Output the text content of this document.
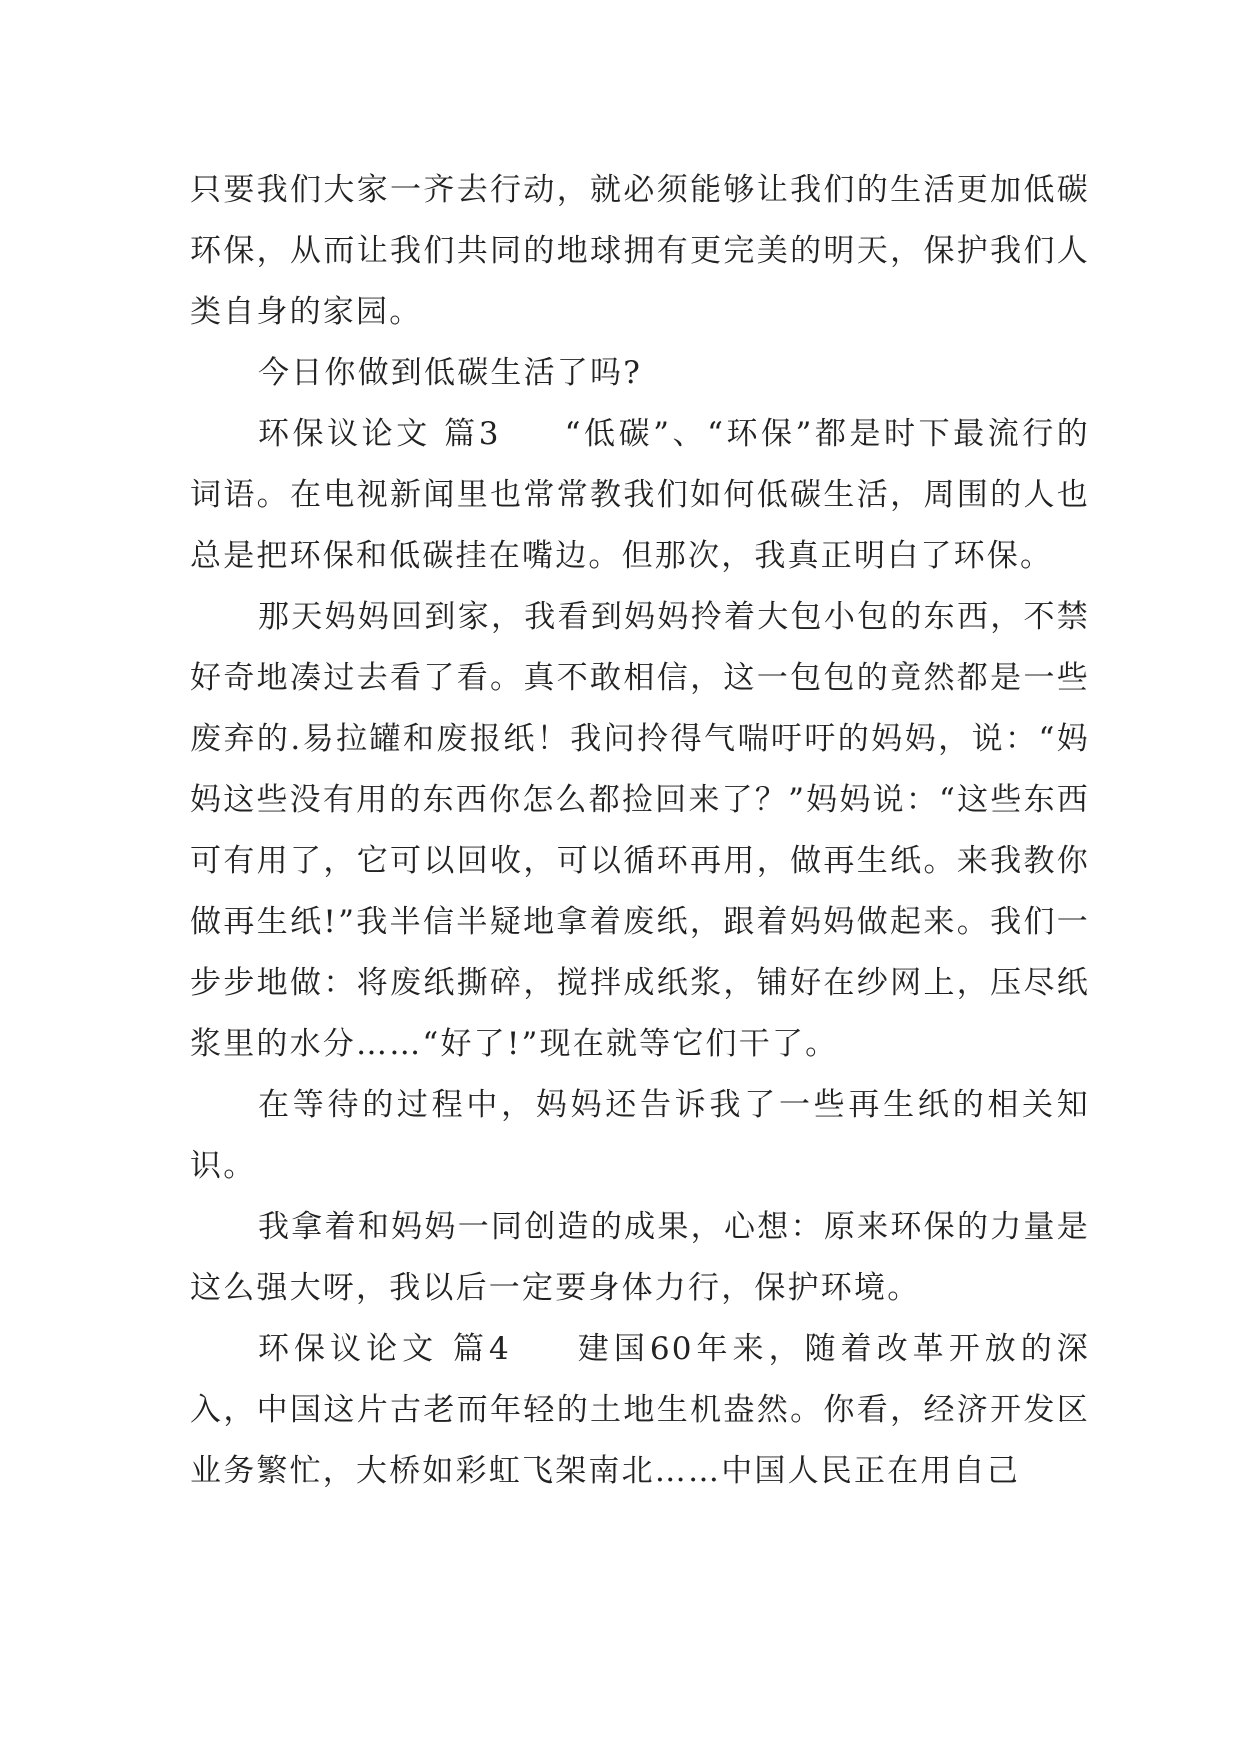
只要我们大家一齐去行动，就必须能够让我们的生活更加低碳环保，从而让我们共同的地球拥有更完美的明天，保护我们人类自身的家园。

今日你做到低碳生活了吗?

环保议论文 篇3 “低碳”、“环保”都是时下最流行的词语。在电视新闻里也常常教我们如何低碳生活，周围的人也总是把环保和低碳挂在嘴边。但那次，我真正明白了环保。

那天妈妈回到家，我看到妈妈拎着大包小包的东西，不禁好奇地凑过去看了看。真不敢相信，这一包包的竟然都是一些废弃的.易拉罐和废报纸！我问拎得气喘吁吁的妈妈，说：“妈妈这些没有用的东西你怎么都捡回来了？”妈妈说：“这些东西可有用了，它可以回收，可以循环再用，做再生纸。来我教你做再生纸!”我半信半疑地拿着废纸，跟着妈妈做起来。我们一步步地做：将废纸撕碎，搅拌成纸浆，铺好在纱网上，压尽纸浆里的水分……“好了!”现在就等它们干了。

在等待的过程中，妈妈还告诉我了一些再生纸的相关知识。

我拿着和妈妈一同创造的成果，心想：原来环保的力量是这么强大呀，我以后一定要身体力行，保护环境。

环保议论文 篇4 建国60年来，随着改革开放的深入，中国这片古老而年轻的土地生机盎然。你看，经济开发区业务繁忙，大桥如彩虹飞架南北……中国人民正在用自己
